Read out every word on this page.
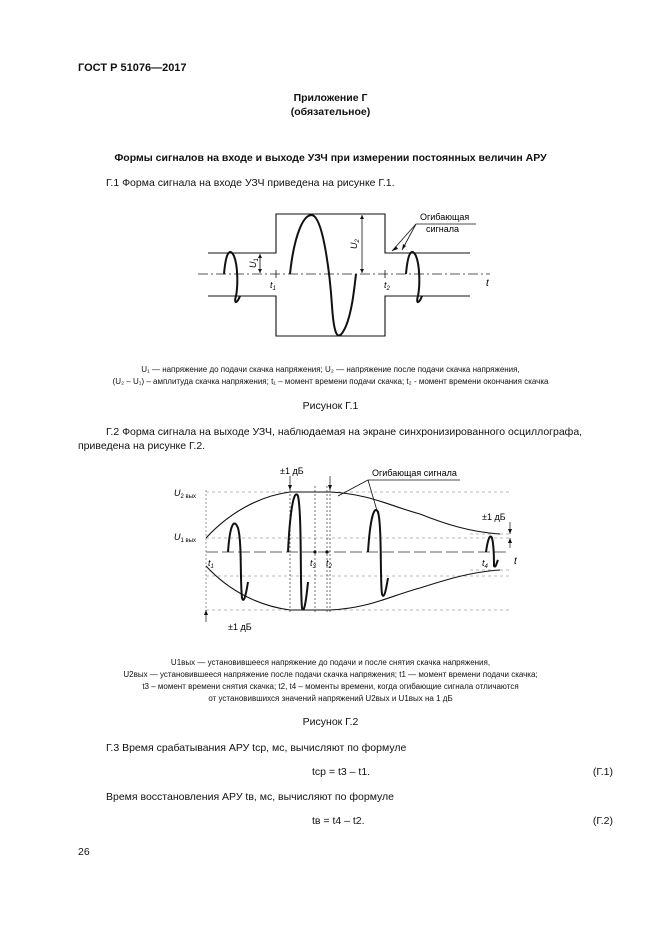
ГОСТ Р 51076—2017
Приложение Г
(обязательное)
Формы сигналов на входе и выходе УЗЧ при измерении постоянных величин АРУ
Г.1 Форма сигнала на входе УЗЧ приведена на рисунке Г.1.
Огибающая
сигнала
$U_1$
$U_2$
$t_1$	$t_2$	t
U₁ — напряжение до подачи скачка напряжения; U₂ — напряжение после подачи скачка напряжения,
(U₂ – U₁) – амплитуда скачка напряжения; t₁ – момент времени подачи скачка; t₂ - момент времени окончания скачка
Рисунок Г.1
Г.2 Форма сигнала на выходе УЗЧ, наблюдаемая на экране синхронизированного осциллографа, приведена на рисунке Г.2.
±1 дБ	Огибающая сигнала
±1 дБ
±1 дБ
$U_{2 вых}$
$U_{1 вых}$
$t_1$	$t_3$ $t_2$	$t_4$	t
U1вых — установившееся напряжение до подачи и после снятия скачка напряжения,
U2вых — установившееся напряжение после подачи скачка напряжения; t1 — момент времени подачи скачка;
t3 – момент времени снятия скачка; t2, t4 – моменты времени, когда огибающие сигнала отличаются
от установившихся значений напряжений U2вых и U1вых на 1 дБ
Рисунок Г.2
Г.3 Время срабатывания АРУ tср, мс, вычисляют по формуле
tср = t3 – t1.	(Г.1)
Время восстановления АРУ tв, мс, вычисляют по формуле
tв = t4 – t2.	(Г.2)
26
